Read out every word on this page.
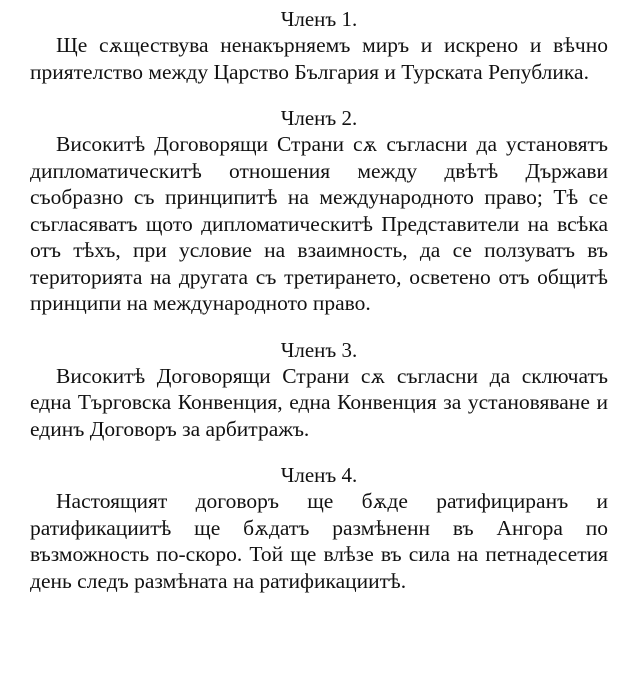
Членъ 1.

Ще сѫществува ненакърняемъ миръ и искрено и вѣчно приятелство между Царство България и Турската Република.

Членъ 2.

Високитѣ Договорящи Страни сѫ съгласни да установятъ дипломатическитѣ отношения между двѣтѣ Държави съобразно съ принципитѣ на международното право; Тѣ се съгласяватъ щото дипломатическитѣ Представители на всѣка отъ тѣхъ, при условие на взаимность, да се ползуватъ въ територията на другата съ третирането, осветено отъ общитѣ принципи на международното право.

Членъ 3.

Високитѣ Договорящи Страни сѫ съгласни да сключатъ една Търговска Конвенция, една Конвенция за установяване и единъ Договоръ за арбитражъ.

Членъ 4.

Настоящият договоръ ще бѫде ратифициранъ и ратификациитѣ ще бѫдатъ размѣненн въ Ангора по възможность по-скоро. Той ще влѣзе въ сила на петнадесетия день следъ размѣната на ратификациитѣ.
